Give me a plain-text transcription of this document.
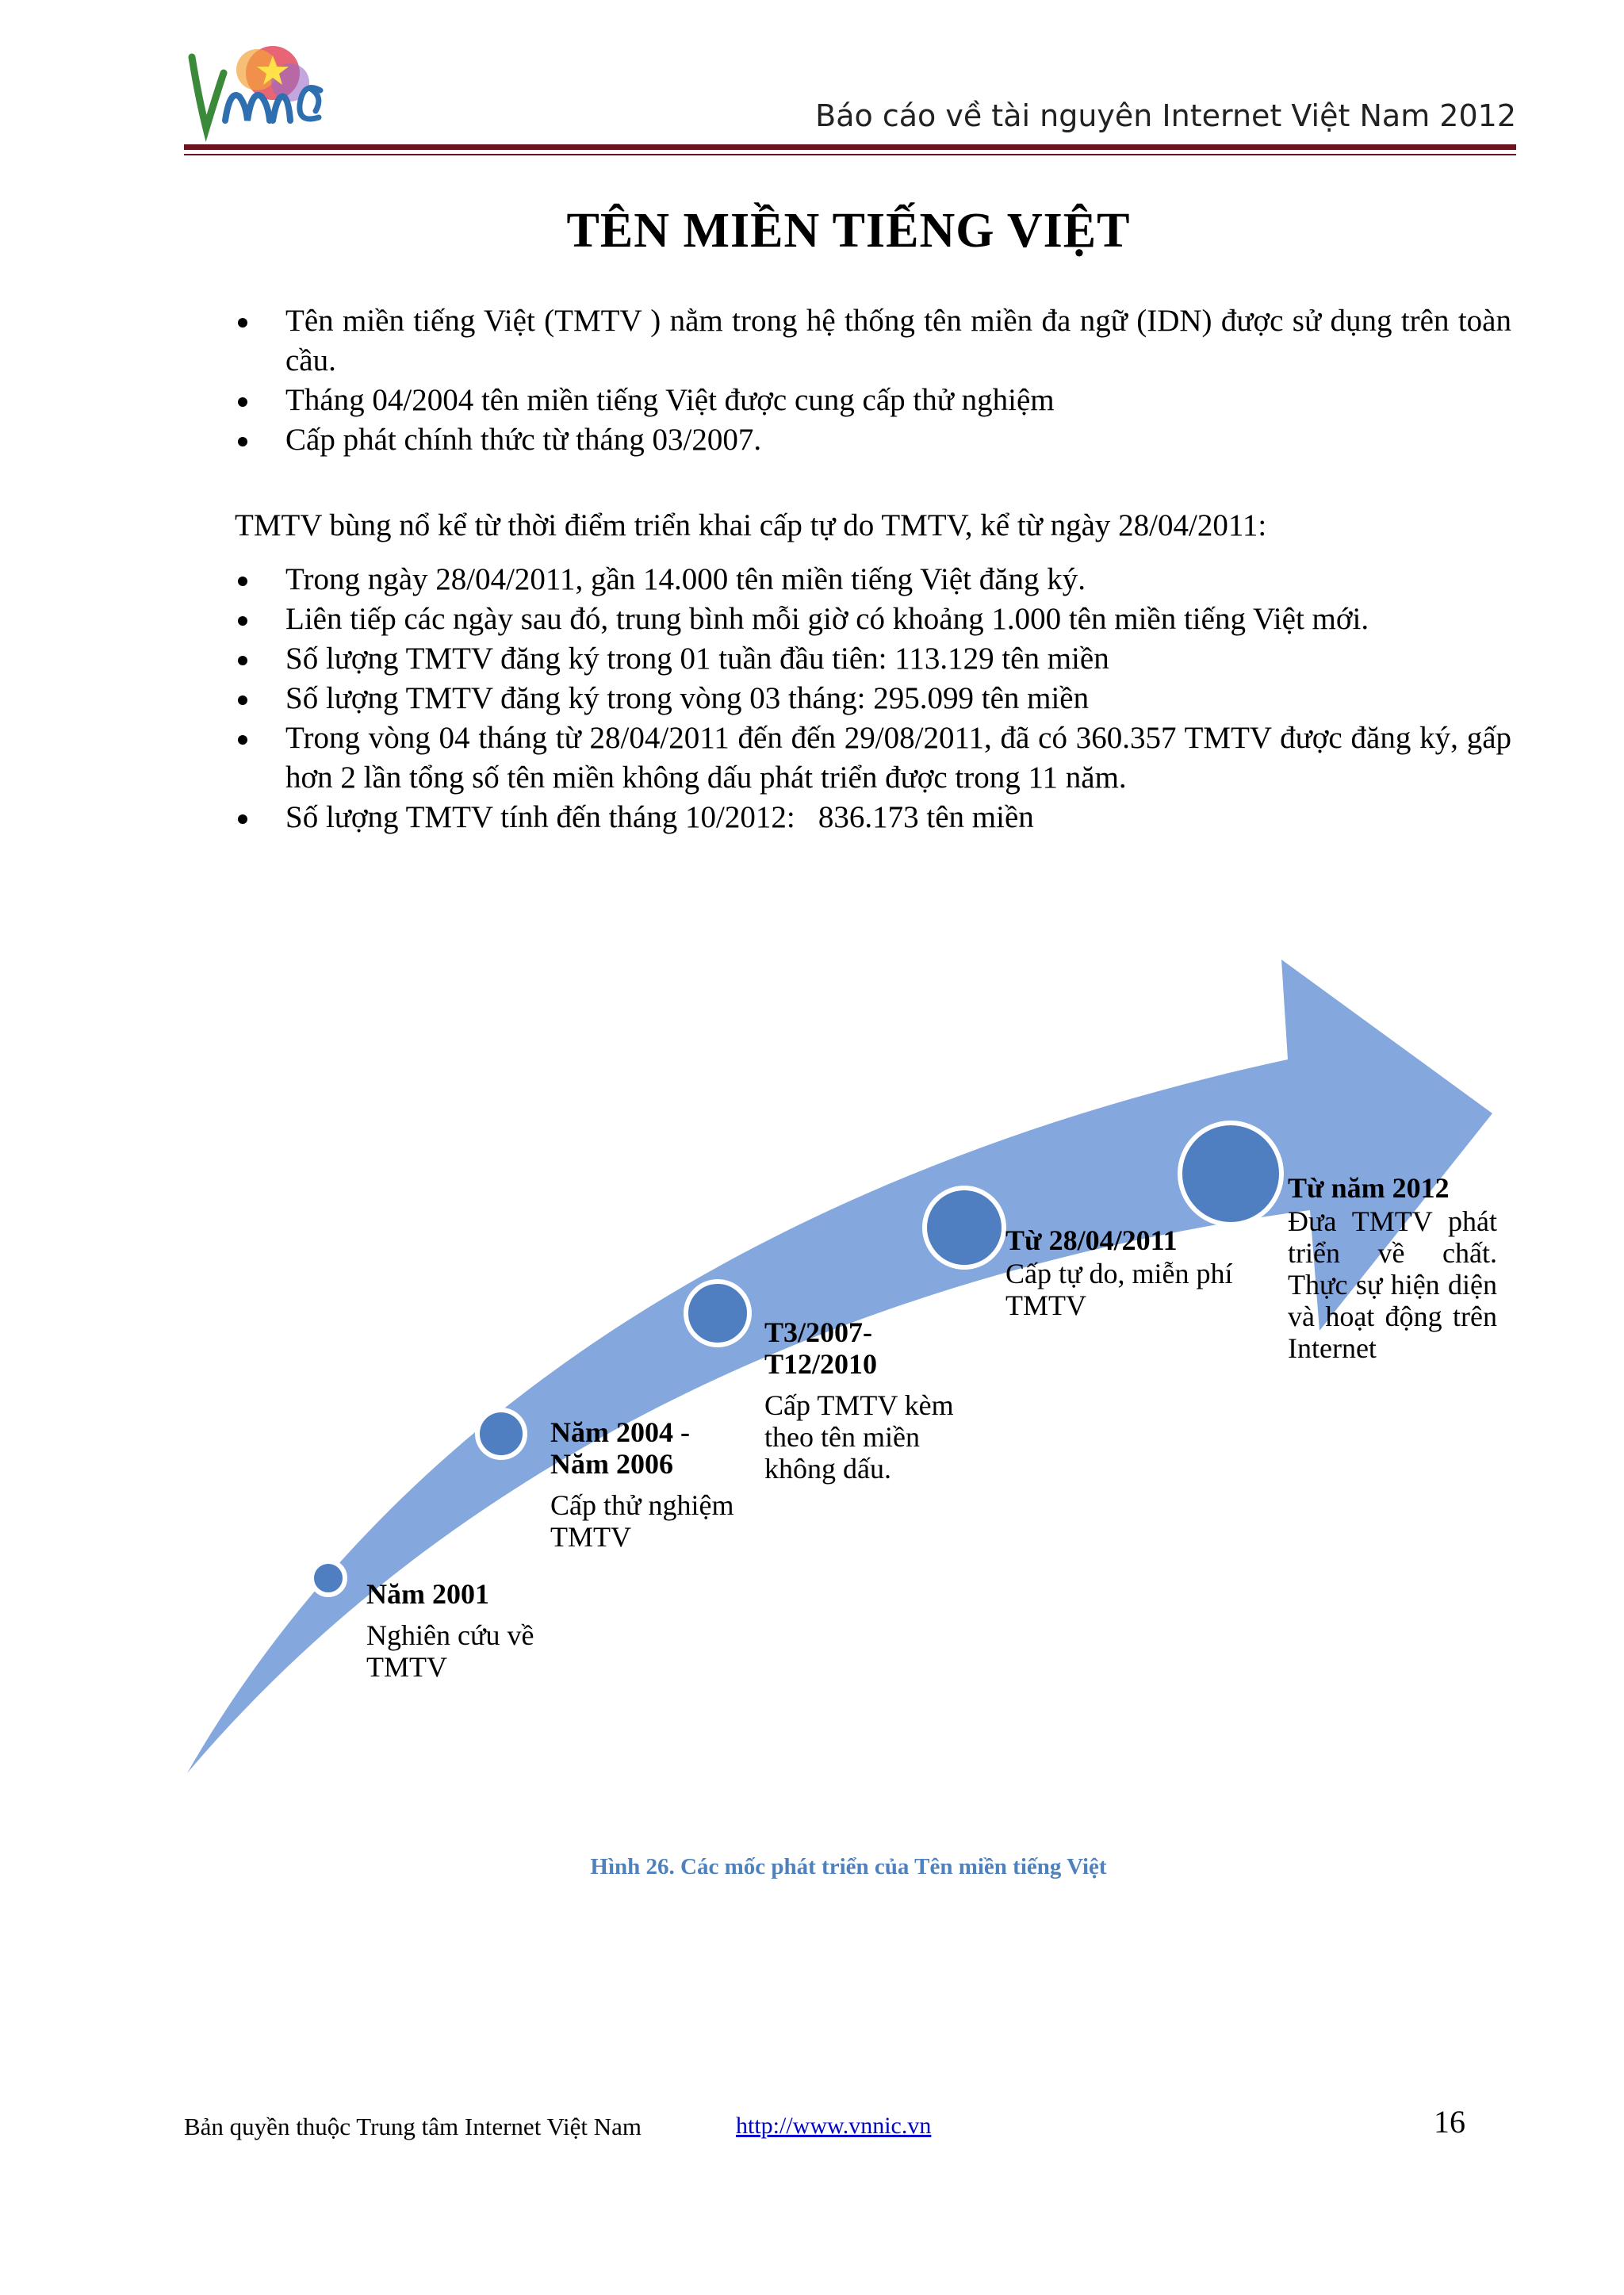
Báo cáo về tài nguyên Internet Việt Nam 2012
TÊN MIỀN TIẾNG VIỆT
Tên miền tiếng Việt (TMTV ) nằm trong hệ thống tên miền đa ngữ (IDN) được sử dụng trên toàn cầu.
Tháng 04/2004 tên miền tiếng Việt được cung cấp thử nghiệm
Cấp phát chính thức từ tháng 03/2007.
TMTV bùng nổ kể từ thời điểm triển khai cấp tự do TMTV, kể từ ngày 28/04/2011:
Trong ngày 28/04/2011, gần 14.000 tên miền tiếng Việt đăng ký.
Liên tiếp các ngày sau đó, trung bình mỗi giờ có khoảng 1.000 tên miền tiếng Việt mới.
Số lượng TMTV đăng ký trong 01 tuần đầu tiên: 113.129 tên miền
Số lượng TMTV đăng ký trong vòng 03 tháng: 295.099 tên miền
Trong vòng 04 tháng từ 28/04/2011 đến đến 29/08/2011, đã có 360.357 TMTV được đăng ký, gấp hơn 2 lần tổng số tên miền không dấu phát triển được trong 11 năm.
Số lượng TMTV tính đến tháng 10/2012:   836.173 tên miền
Năm 2001
Nghiên cứu về TMTV
Năm 2004 - Năm 2006
Cấp thử nghiệm TMTV
T3/2007-T12/2010
Cấp TMTV kèm theo tên miền không dấu.
Từ 28/04/2011
Cấp tự do, miễn phí TMTV
Từ năm 2012
Đưa TMTV phát triển về chất. Thực sự hiện diện và hoạt động trên Internet
Hình 26. Các mốc phát triển của Tên miền tiếng Việt
Bản quyền thuộc Trung tâm Internet Việt Nam	http://www.vnnic.vn	16
